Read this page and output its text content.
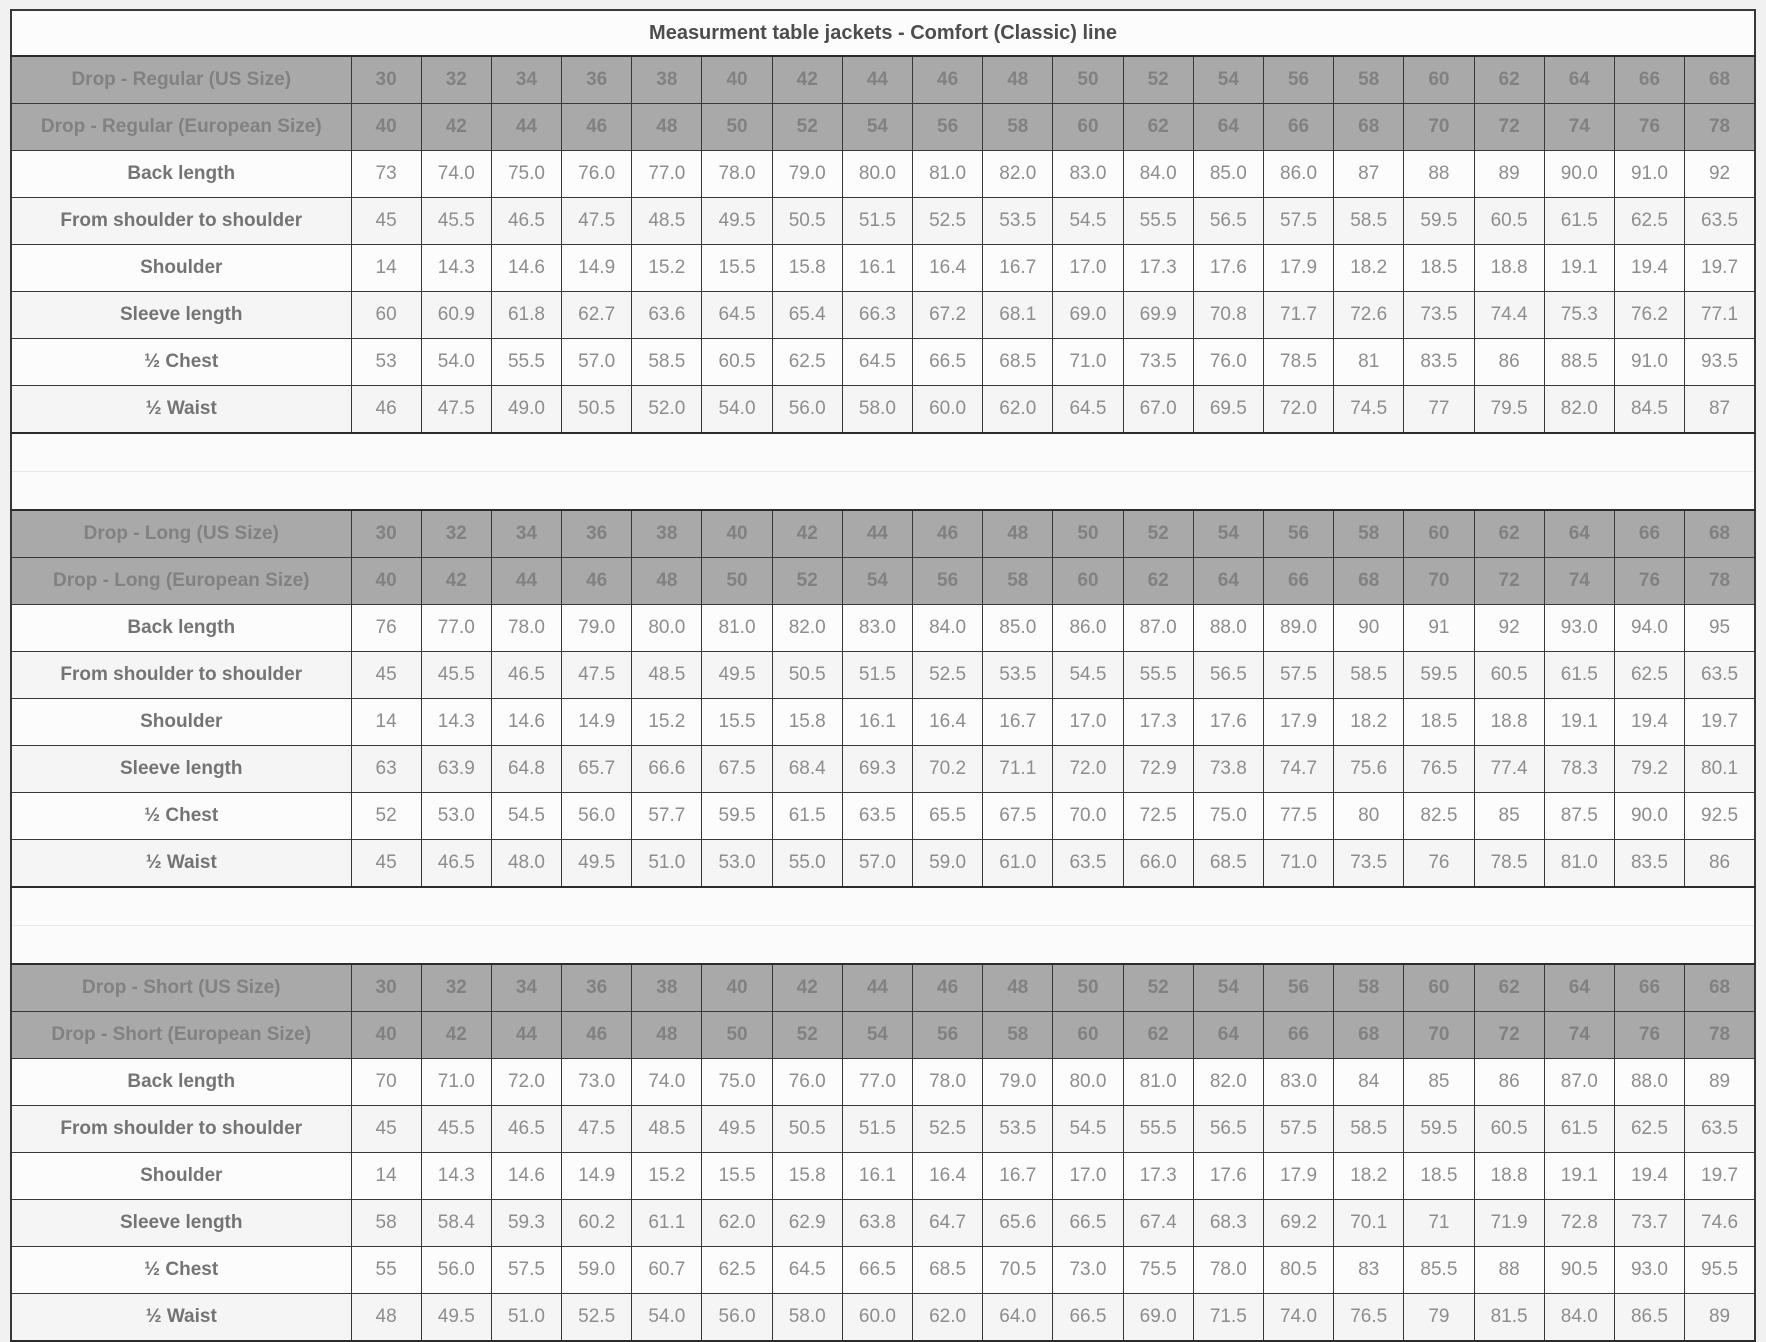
Measurment table jackets - Comfort (Classic) line																				
Drop - Regular (US Size)	30	32	34	36	38	40	42	44	46	48	50	52	54	56	58	60	62	64	66	68
Drop - Regular (European Size)	40	42	44	46	48	50	52	54	56	58	60	62	64	66	68	70	72	74	76	78
Back length	73	74.0	75.0	76.0	77.0	78.0	79.0	80.0	81.0	82.0	83.0	84.0	85.0	86.0	87	88	89	90.0	91.0	92
From shoulder to shoulder	45	45.5	46.5	47.5	48.5	49.5	50.5	51.5	52.5	53.5	54.5	55.5	56.5	57.5	58.5	59.5	60.5	61.5	62.5	63.5
Shoulder	14	14.3	14.6	14.9	15.2	15.5	15.8	16.1	16.4	16.7	17.0	17.3	17.6	17.9	18.2	18.5	18.8	19.1	19.4	19.7
Sleeve length	60	60.9	61.8	62.7	63.6	64.5	65.4	66.3	67.2	68.1	69.0	69.9	70.8	71.7	72.6	73.5	74.4	75.3	76.2	77.1
½ Chest	53	54.0	55.5	57.0	58.5	60.5	62.5	64.5	66.5	68.5	71.0	73.5	76.0	78.5	81	83.5	86	88.5	91.0	93.5
½ Waist	46	47.5	49.0	50.5	52.0	54.0	56.0	58.0	60.0	62.0	64.5	67.0	69.5	72.0	74.5	77	79.5	82.0	84.5	87

Drop - Long (US Size)	30	32	34	36	38	40	42	44	46	48	50	52	54	56	58	60	62	64	66	68
Drop - Long (European Size)	40	42	44	46	48	50	52	54	56	58	60	62	64	66	68	70	72	74	76	78
Back length	76	77.0	78.0	79.0	80.0	81.0	82.0	83.0	84.0	85.0	86.0	87.0	88.0	89.0	90	91	92	93.0	94.0	95
From shoulder to shoulder	45	45.5	46.5	47.5	48.5	49.5	50.5	51.5	52.5	53.5	54.5	55.5	56.5	57.5	58.5	59.5	60.5	61.5	62.5	63.5
Shoulder	14	14.3	14.6	14.9	15.2	15.5	15.8	16.1	16.4	16.7	17.0	17.3	17.6	17.9	18.2	18.5	18.8	19.1	19.4	19.7
Sleeve length	63	63.9	64.8	65.7	66.6	67.5	68.4	69.3	70.2	71.1	72.0	72.9	73.8	74.7	75.6	76.5	77.4	78.3	79.2	80.1
½ Chest	52	53.0	54.5	56.0	57.7	59.5	61.5	63.5	65.5	67.5	70.0	72.5	75.0	77.5	80	82.5	85	87.5	90.0	92.5
½ Waist	45	46.5	48.0	49.5	51.0	53.0	55.0	57.0	59.0	61.0	63.5	66.0	68.5	71.0	73.5	76	78.5	81.0	83.5	86

Drop - Short (US Size)	30	32	34	36	38	40	42	44	46	48	50	52	54	56	58	60	62	64	66	68
Drop - Short (European Size)	40	42	44	46	48	50	52	54	56	58	60	62	64	66	68	70	72	74	76	78
Back length	70	71.0	72.0	73.0	74.0	75.0	76.0	77.0	78.0	79.0	80.0	81.0	82.0	83.0	84	85	86	87.0	88.0	89
From shoulder to shoulder	45	45.5	46.5	47.5	48.5	49.5	50.5	51.5	52.5	53.5	54.5	55.5	56.5	57.5	58.5	59.5	60.5	61.5	62.5	63.5
Shoulder	14	14.3	14.6	14.9	15.2	15.5	15.8	16.1	16.4	16.7	17.0	17.3	17.6	17.9	18.2	18.5	18.8	19.1	19.4	19.7
Sleeve length	58	58.4	59.3	60.2	61.1	62.0	62.9	63.8	64.7	65.6	66.5	67.4	68.3	69.2	70.1	71	71.9	72.8	73.7	74.6
½ Chest	55	56.0	57.5	59.0	60.7	62.5	64.5	66.5	68.5	70.5	73.0	75.5	78.0	80.5	83	85.5	88	90.5	93.0	95.5
½ Waist	48	49.5	51.0	52.5	54.0	56.0	58.0	60.0	62.0	64.0	66.5	69.0	71.5	74.0	76.5	79	81.5	84.0	86.5	89
